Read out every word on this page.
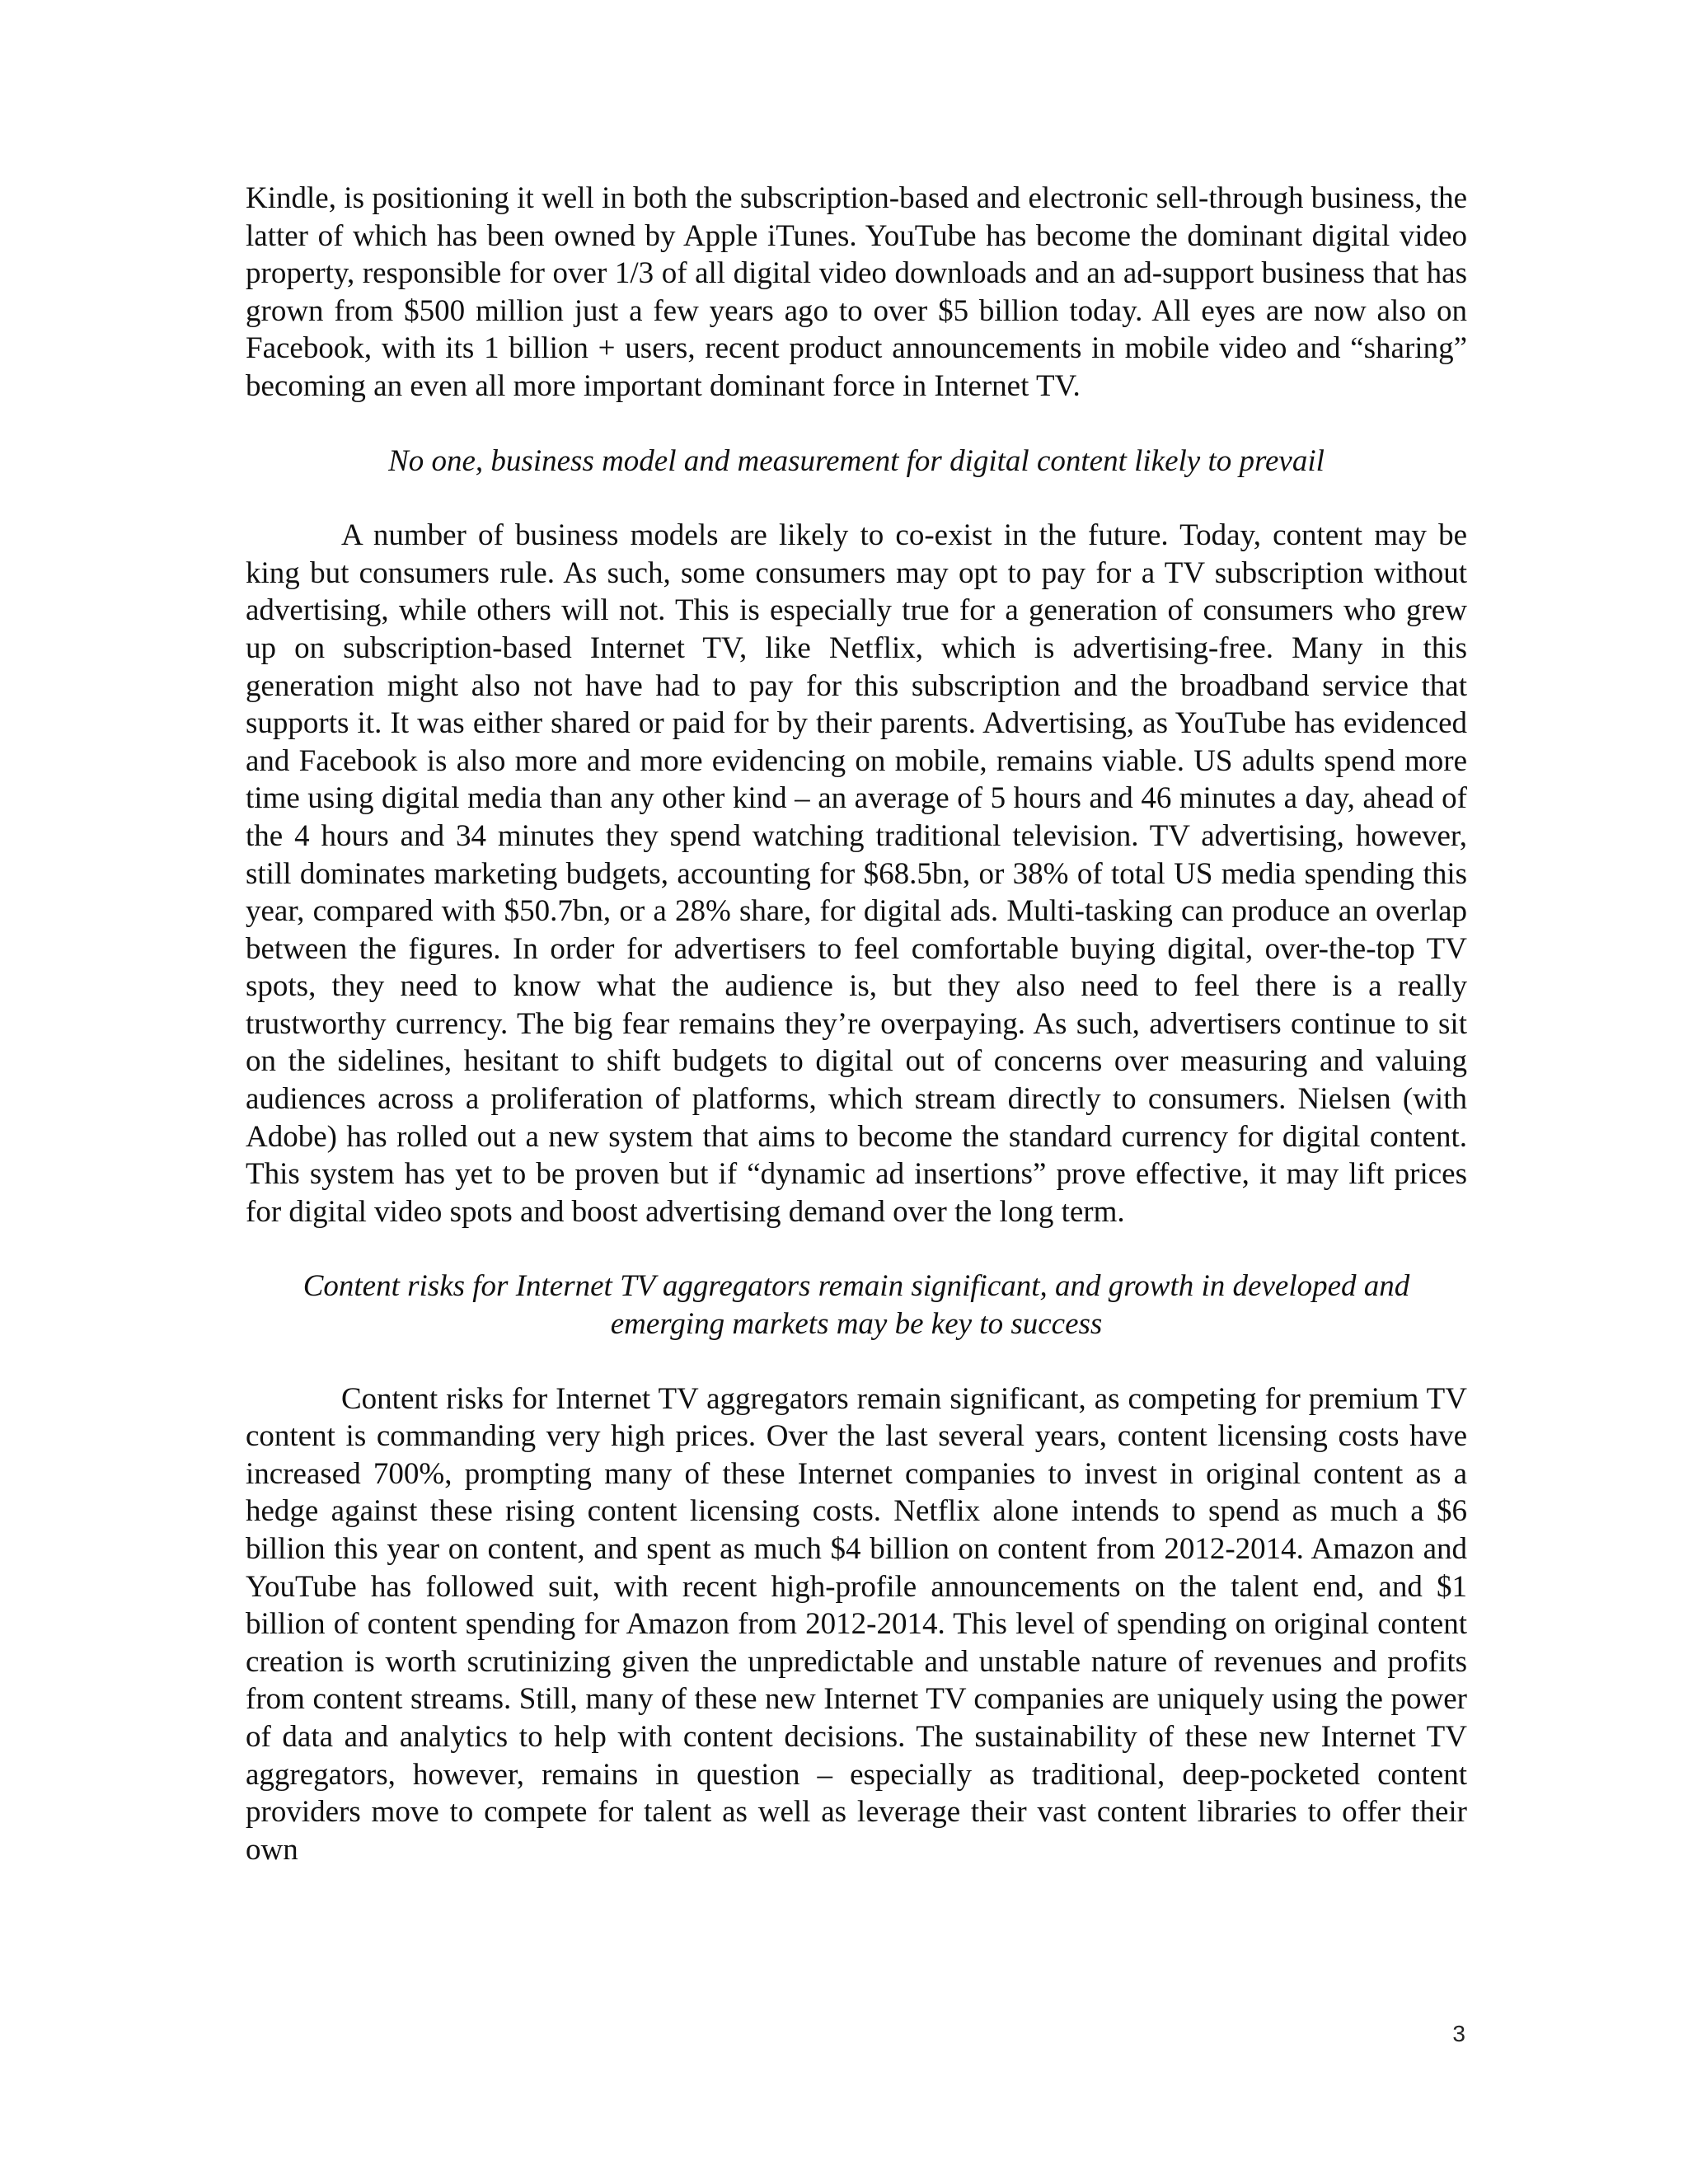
Kindle, is positioning it well in both the subscription-based and electronic sell-through business, the latter of which has been owned by Apple iTunes. YouTube has become the dominant digital video property, responsible for over 1/3 of all digital video downloads and an ad-support business that has grown from $500 million just a few years ago to over $5 billion today. All eyes are now also on Facebook, with its 1 billion + users, recent product announcements in mobile video and “sharing” becoming an even all more important dominant force in Internet TV.

No one, business model and measurement for digital content likely to prevail

A number of business models are likely to co-exist in the future. Today, content may be king but consumers rule. As such, some consumers may opt to pay for a TV subscription without advertising, while others will not. This is especially true for a generation of consumers who grew up on subscription-based Internet TV, like Netflix, which is advertising-free. Many in this generation might also not have had to pay for this subscription and the broadband service that supports it. It was either shared or paid for by their parents. Advertising, as YouTube has evidenced and Facebook is also more and more evidencing on mobile, remains viable. US adults spend more time using digital media than any other kind – an average of 5 hours and 46 minutes a day, ahead of the 4 hours and 34 minutes they spend watching traditional television. TV advertising, however, still dominates marketing budgets, accounting for $68.5bn, or 38% of total US media spending this year, compared with $50.7bn, or a 28% share, for digital ads. Multi-tasking can produce an overlap between the figures. In order for advertisers to feel comfortable buying digital, over-the-top TV spots, they need to know what the audience is, but they also need to feel there is a really trustworthy currency. The big fear remains they’re overpaying. As such, advertisers continue to sit on the sidelines, hesitant to shift budgets to digital out of concerns over measuring and valuing audiences across a proliferation of platforms, which stream directly to consumers. Nielsen (with Adobe) has rolled out a new system that aims to become the standard currency for digital content. This system has yet to be proven but if “dynamic ad insertions” prove effective, it may lift prices for digital video spots and boost advertising demand over the long term.

Content risks for Internet TV aggregators remain significant, and growth in developed and emerging markets may be key to success

Content risks for Internet TV aggregators remain significant, as competing for premium TV content is commanding very high prices. Over the last several years, content licensing costs have increased 700%, prompting many of these Internet companies to invest in original content as a hedge against these rising content licensing costs. Netflix alone intends to spend as much a $6 billion this year on content, and spent as much $4 billion on content from 2012-2014. Amazon and YouTube has followed suit, with recent high-profile announcements on the talent end, and $1 billion of content spending for Amazon from 2012-2014. This level of spending on original content creation is worth scrutinizing given the unpredictable and unstable nature of revenues and profits from content streams. Still, many of these new Internet TV companies are uniquely using the power of data and analytics to help with content decisions. The sustainability of these new Internet TV aggregators, however, remains in question – especially as traditional, deep-pocketed content providers move to compete for talent as well as leverage their vast content libraries to offer their own

3
